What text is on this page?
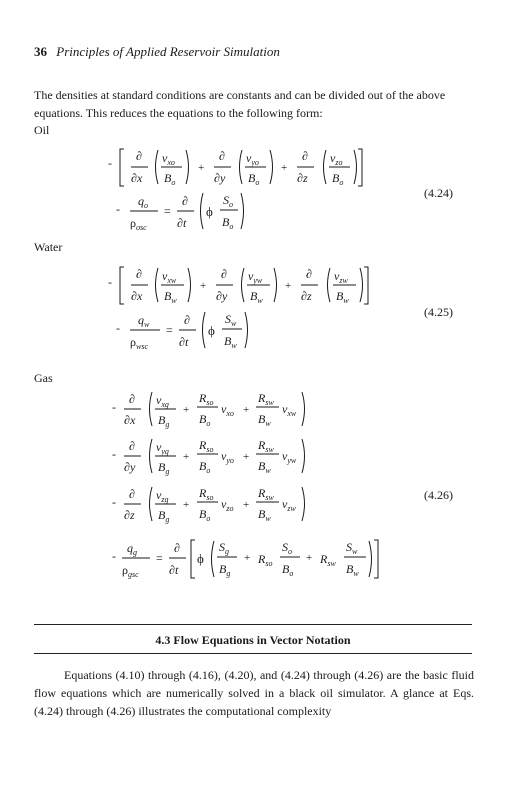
36 Principles of Applied Reservoir Simulation
The densities at standard conditions are constants and can be divided out of the above equations. This reduces the equations to the following form:
Oil
Water
Gas
(4.24)
(4.25)
(4.26)
- ∂
∂x
$v_{xo}$
$B_o$
+
∂
∂y
$v_{yo}$
$B_o$
+
∂
∂z
$v_{zo}$
$B_o$
-
$q_o$
$\rho_{osc}$
=
∂
∂t
ϕ
$S_o$
$B_o$
-
∂
∂x
$v_{xw}$
$B_w$
+
∂
∂y
$v_{yw}$
$B_w$
+
∂
∂z
$v_{zw}$
$B_w$
-
$q_w$
$\rho_{wsc}$
=
∂
∂t
ϕ
$S_w$
$B_w$
-
∂
∂x
$v_{xg}$
$B_g$
+
$R_{so}$
$B_o$
$v_{xo}$ +
$R_{sw}$
$B_w$
$v_{xw}$
-
∂
∂y
$v_{yg}$
$B_g$
+
$R_{so}$
$B_o$
$v_{yo}$ +
$R_{sw}$
$B_w$
$v_{yw}$
-
∂
∂z
$v_{zg}$
$B_g$
+
$R_{so}$
$B_o$
$v_{zo}$ +
$R_{sw}$
$B_w$
$v_{zw}$
-
$q_g$
$\rho_{gsc}$
=
∂
∂t
ϕ
$S_g$
$B_g$
+ $R_{so}$
$S_o$
$B_o$
+ $R_{sw}$
$S_w$
$B_w$
4.3 Flow Equations in Vector Notation

Equations (4.10) through (4.16), (4.20), and (4.24) through (4.26) are the basic fluid flow equations which are numerically solved in a black oil simulator. A glance at Eqs. (4.24) through (4.26) illustrates the computational complexity
